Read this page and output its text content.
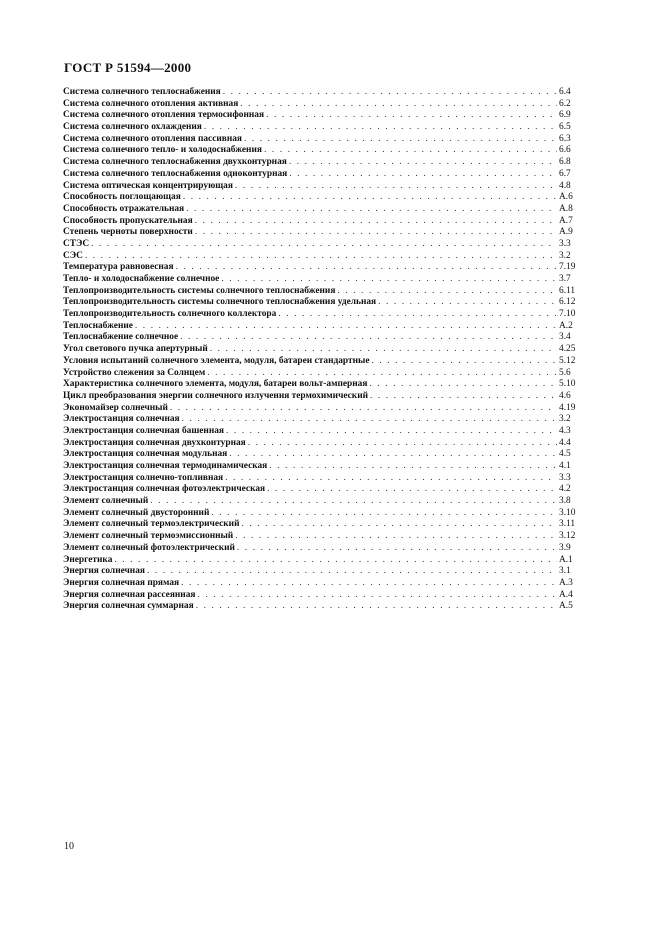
ГОСТ Р 51594—2000
Система солнечного теплоснабжения . . .	6.4
Система солнечного отопления активная . . .	6.2
Система солнечного отопления термосифонная . . .	6.9
Система солнечного охлаждения . . .	6.5
Система солнечного отопления пассивная . . .	6.3
Система солнечного тепло- и холодоснабжения . . .	6.6
Система солнечного теплоснабжения двухконтурная . . .	6.8
Система солнечного теплоснабжения одноконтурная . . .	6.7
Система оптическая концентрирующая . . .	4.8
Способность поглощающая . . .	А.6
Способность отражательная . . .	А.8
Способность пропускательная . . .	А.7
Степень черноты поверхности . . .	А.9
СТЭС . . .	3.3
СЭС . . .	3.2
Температура равновесная . . .	7.19
Тепло- и холодоснабжение солнечное . . .	3.7
Теплопроизводительность системы солнечного теплоснабжения . . .	6.11
Теплопроизводительность системы солнечного теплоснабжения удельная . . .	6.12
Теплопроизводительность солнечного коллектора . . .	7.10
Теплоснабжение . . .	А.2
Теплоснабжение солнечное . . .	3.4
Угол светового пучка апертурный . . .	4.25
Условия испытаний солнечного элемента, модуля, батареи стандартные . . .	5.12
Устройство слежения за Солнцем . . .	5.6
Характеристика солнечного элемента, модуля, батареи вольт-амперная . . .	5.10
Цикл преобразования энергии солнечного излучения термохимический . . .	4.6
Экономайзер солнечный . . .	4.19
Электростанция солнечная . . .	3.2
Электростанция солнечная башенная . . .	4.3
Электростанция солнечная двухконтурная . . .	4.4
Электростанция солнечная модульная . . .	4.5
Электростанция солнечная термодинамическая . . .	4.1
Электростанция солнечно-топливная . . .	3.3
Электростанция солнечная фотоэлектрическая . . .	4.2
Элемент солнечный . . .	3.8
Элемент солнечный двусторонний . . .	3.10
Элемент солнечный термоэлектрический . . .	3.11
Элемент солнечный термоэмиссионный . . .	3.12
Элемент солнечный фотоэлектрический . . .	3.9
Энергетика . . .	А.1
Энергия солнечная . . .	3.1
Энергия солнечная прямая . . .	А.3
Энергия солнечная рассеянная . . .	А.4
Энергия солнечная суммарная . . .	А.5
10
